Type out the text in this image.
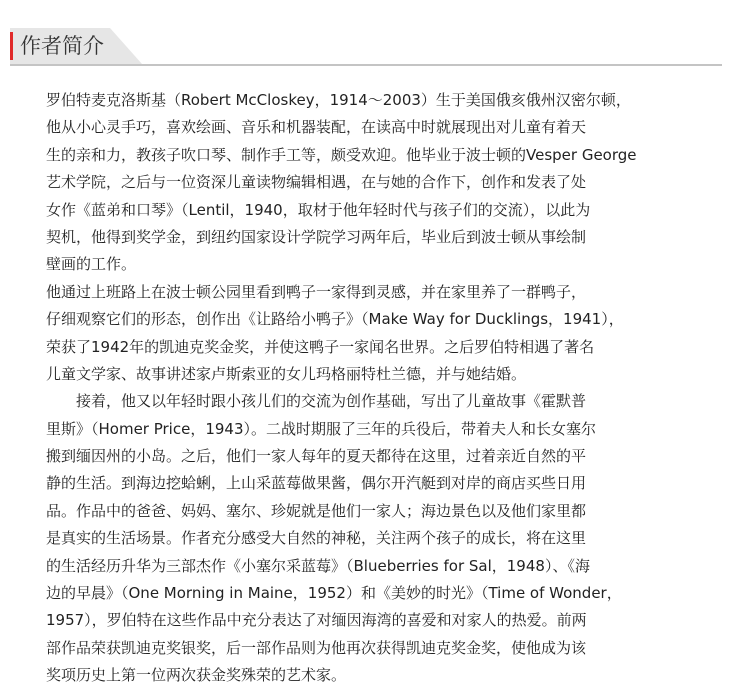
作者简介
罗伯特麦克洛斯基（Robert McCloskey，1914～2003）生于美国俄亥俄州汉密尔顿，
他从小心灵手巧，喜欢绘画、音乐和机器装配，在读高中时就展现出对儿童有着天
生的亲和力，教孩子吹口琴、制作手工等，颇受欢迎。他毕业于波士顿的Vesper George
艺术学院，之后与一位资深儿童读物编辑相遇，在与她的合作下，创作和发表了处
女作《蓝弟和口琴》（Lentil，1940，取材于他年轻时代与孩子们的交流），以此为
契机，他得到奖学金，到纽约国家设计学院学习两年后，毕业后到波士顿从事绘制
壁画的工作。
他通过上班路上在波士顿公园里看到鸭子一家得到灵感，并在家里养了一群鸭子，
仔细观察它们的形态，创作出《让路给小鸭子》（Make Way for Ducklings，1941），
荣获了1942年的凯迪克奖金奖，并使这鸭子一家闻名世界。之后罗伯特相遇了著名
儿童文学家、故事讲述家卢斯索亚的女儿玛格丽特杜兰德，并与她结婚。
接着，他又以年轻时跟小孩儿们的交流为创作基础，写出了儿童故事《霍默普
里斯》（Homer Price，1943）。二战时期服了三年的兵役后，带着夫人和长女塞尔
搬到缅因州的小岛。之后，他们一家人每年的夏天都待在这里，过着亲近自然的平
静的生活。到海边挖蛤蜊，上山采蓝莓做果酱，偶尔开汽艇到对岸的商店买些日用
品。作品中的爸爸、妈妈、塞尔、珍妮就是他们一家人；海边景色以及他们家里都
是真实的生活场景。作者充分感受大自然的神秘，关注两个孩子的成长，将在这里
的生活经历升华为三部杰作《小塞尔采蓝莓》（Blueberries for Sal，1948）、《海
边的早晨》（One Morning in Maine，1952）和《美妙的时光》（Time of Wonder，
1957），罗伯特在这些作品中充分表达了对缅因海湾的喜爱和对家人的热爱。前两
部作品荣获凯迪克奖银奖，后一部作品则为他再次获得凯迪克奖金奖，使他成为该
奖项历史上第一位两次获金奖殊荣的艺术家。
